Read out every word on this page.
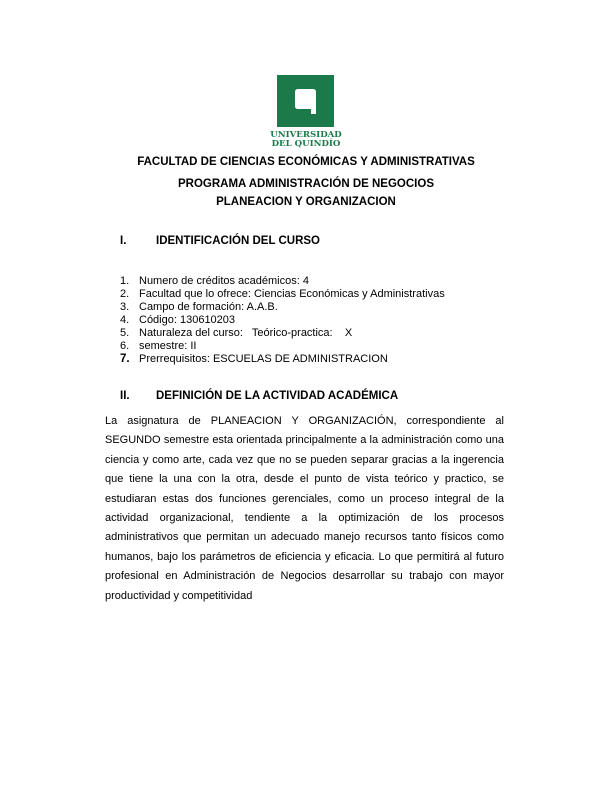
UNIVERSIDAD
DEL QUINDÍO
FACULTAD DE CIENCIAS ECONÓMICAS Y ADMINISTRATIVAS
PROGRAMA ADMINISTRACIÓN DE NEGOCIOS
PLANEACION Y ORGANIZACION
I.	IDENTIFICACIÓN DEL CURSO
1. Numero de créditos académicos: 4
2. Facultad que lo ofrece: Ciencias Económicas y Administrativas
3. Campo de formación: A.A.B.
4. Código: 130610203
5. Naturaleza del curso:   Teórico-practica:    X
6. semestre: II
7. Prerrequisitos: ESCUELAS DE ADMINISTRACION
II. DEFINICIÓN DE LA ACTIVIDAD ACADÉMICA

La asignatura de PLANEACION Y ORGANIZACIÓN, correspondiente al SEGUNDO semestre esta orientada principalmente a la administración como una ciencia y como arte, cada vez que no se pueden separar gracias a la ingerencia que tiene la una con la otra, desde el punto de vista teórico y practico, se estudiaran estas dos funciones gerenciales, como un proceso integral de la actividad organizacional, tendiente a la optimización de los procesos administrativos que permitan un adecuado manejo recursos tanto físicos como humanos, bajo los parámetros de eficiencia y eficacia. Lo que permitirá al futuro profesional en Administración de Negocios desarrollar su trabajo con mayor productividad y competitividad
